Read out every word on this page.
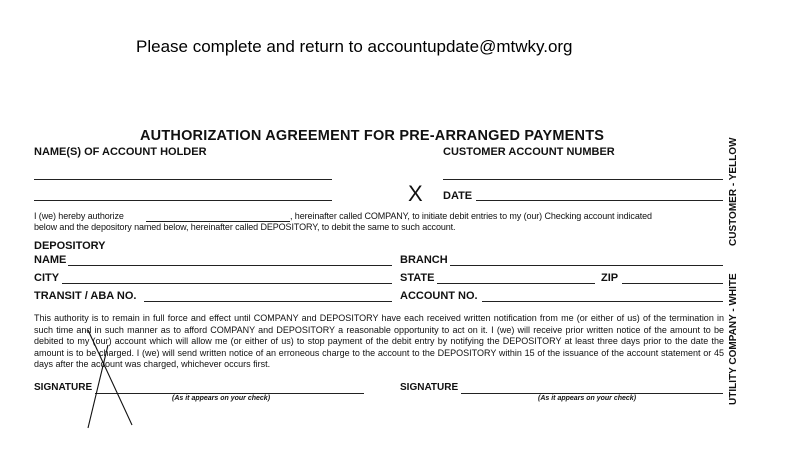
Please complete and return to accountupdate@mtwky.org
AUTHORIZATION AGREEMENT FOR PRE-ARRANGED PAYMENTS
NAME(S) OF ACCOUNT HOLDER	CUSTOMER ACCOUNT NUMBER
X DATE
I (we) hereby authorize	, hereinafter called COMPANY, to initiate debit entries to my (our) Checking account indicated
below and the depository named below, hereinafter called DEPOSITORY, to debit the same to such account.
DEPOSITORY
NAME	BRANCH
CITY	STATE	ZIP
TRANSIT / ABA NO.	ACCOUNT NO.
This authority is to remain in full force and effect until COMPANY and DEPOSITORY have each received written notification from me (or either of us) of the termination in such time and in such manner as to afford COMPANY and DEPOSITORY a reasonable opportunity to act on it. I (we) will receive prior written notice of the amount to be debited to my (our) account which will allow me (or either of us) to stop payment of the debit entry by notifying the DEPOSITORY at least three days prior to the date the amount is to be charged. I (we) will send written notice of an erroneous charge to the account to the DEPOSITORY within 15 of the issuance of the account statement or 45 days after the account was charged, whichever occurs first.
SIGNATURE
(As it appears on your check)
SIGNATURE
(As it appears on your check)
CUSTOMER - YELLOW
UTILITY COMPANY - WHITE
